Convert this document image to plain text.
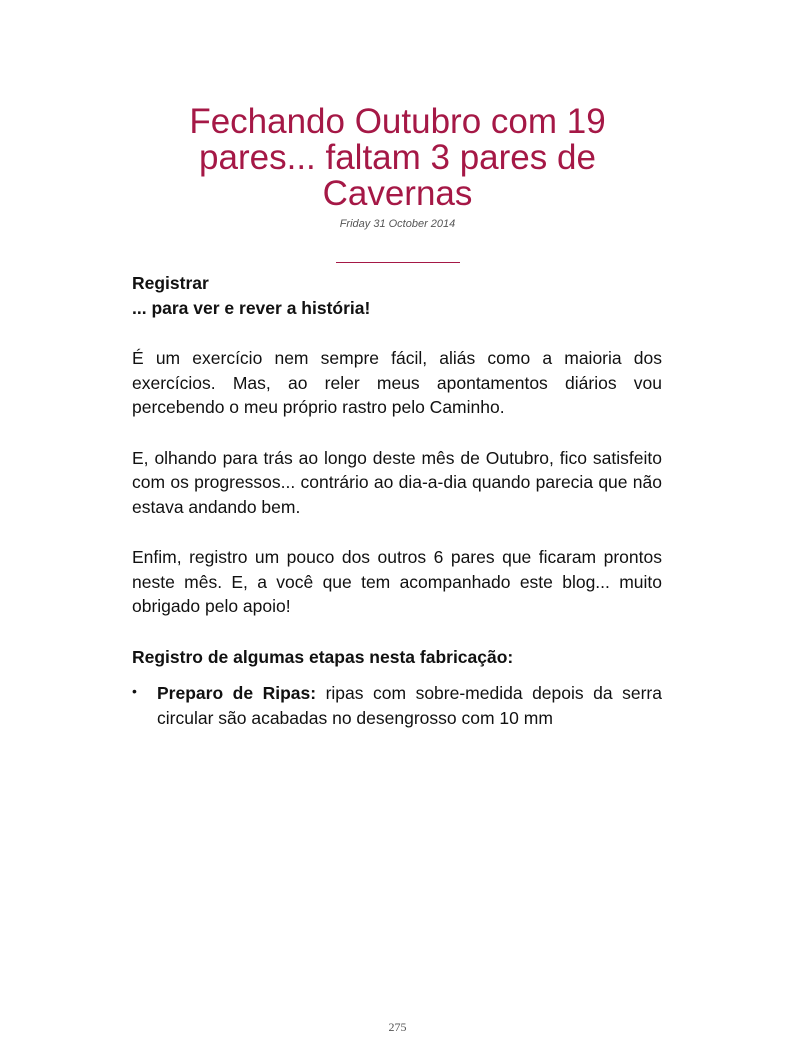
Fechando Outubro com 19 pares... faltam 3 pares de Cavernas
Friday 31 October 2014

Registrar
... para ver e rever a história!

É um exercício nem sempre fácil, aliás como a maioria dos exercícios. Mas, ao reler meus apontamentos diários vou percebendo o meu próprio rastro pelo Caminho.

E, olhando para trás ao longo deste mês de Outubro, fico satisfeito com os progressos... contrário ao dia-a-dia quando parecia que não estava andando bem.

Enfim, registro um pouco dos outros 6 pares que ficaram prontos neste mês. E, a você que tem acompanhado este blog... muito obrigado pelo apoio!

Registro de algumas etapas nesta fabricação:

• Preparo de Ripas: ripas com sobre-medida depois da serra circular são acabadas no desengrosso com 10 mm
275
